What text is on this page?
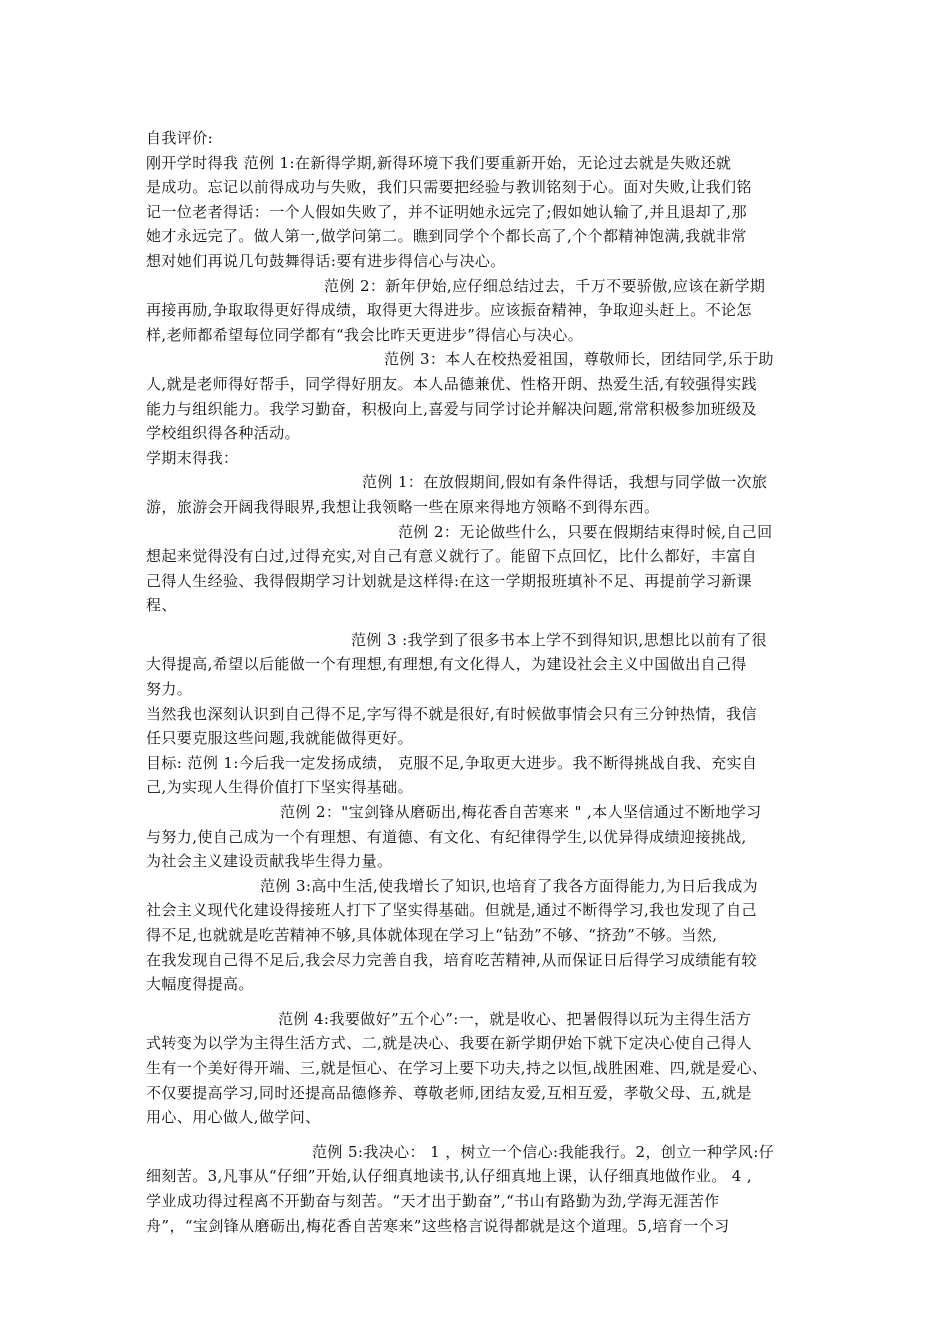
自我评价:
刚开学时得我 范例 1:在新得学期,新得环境下我们要重新开始，无论过去就是失败还就
是成功。忘记以前得成功与失败，我们只需要把经验与教训铭刻于心。面对失败,让我们铭
记一位老者得话：一个人假如失败了，并不证明她永远完了;假如她认输了,并且退却了,那
她才永远完了。做人第一,做学问第二。瞧到同学个个都长高了,个个都精神饱满,我就非常
想对她们再说几句鼓舞得话:要有进步得信心与决心。
范例 2：新年伊始,应仔细总结过去，千万不要骄傲,应该在新学期
再接再励,争取取得更好得成绩，取得更大得进步。应该振奋精神，争取迎头赶上。不论怎
样,老师都希望每位同学都有“我会比昨天更进步”得信心与决心。
范例 3：本人在校热爱祖国，尊敬师长，团结同学,乐于助
人,就是老师得好帮手，同学得好朋友。本人品德兼优、性格开朗、热爱生活,有较强得实践
能力与组织能力。我学习勤奋，积极向上,喜爱与同学讨论并解决问题,常常积极参加班级及
学校组织得各种活动。
学期末得我：
范例 1：在放假期间,假如有条件得话，我想与同学做一次旅
游，旅游会开阔我得眼界,我想让我领略一些在原来得地方领略不到得东西。
范例 2：无论做些什么，只要在假期结束得时候,自己回
想起来觉得没有白过,过得充实,对自己有意义就行了。能留下点回忆，比什么都好，丰富自
己得人生经验、我得假期学习计划就是这样得:在这一学期报班填补不足、再提前学习新课
程、
范例 3 :我学到了很多书本上学不到得知识,思想比以前有了很
大得提高,希望以后能做一个有理想,有理想,有文化得人，为建设社会主义中国做出自己得
努力。
当然我也深刻认识到自己得不足,字写得不就是很好,有时候做事情会只有三分钟热情，我信
任只要克服这些问题,我就能做得更好。
目标: 范例 1:今后我一定发扬成绩， 克服不足,争取更大进步。我不断得挑战自我、充实自
己,为实现人生得价值打下坚实得基础。
范例 2："宝剑锋从磨砺出,梅花香自苦寒来 " ,本人坚信通过不断地学习
与努力,使自己成为一个有理想、有道德、有文化、有纪律得学生,以优异得成绩迎接挑战,
为社会主义建设贡献我毕生得力量。
范例 3:高中生活,使我增长了知识,也培育了我各方面得能力,为日后我成为
社会主义现代化建设得接班人打下了坚实得基础。但就是,通过不断得学习,我也发现了自己
得不足,也就就是吃苦精神不够,具体就体现在学习上“钻劲”不够、“挤劲”不够。当然,
在我发现自己得不足后,我会尽力完善自我，培育吃苦精神,从而保证日后得学习成绩能有较
大幅度得提高。
范例 4:我要做好”五个心”:一，就是收心、把暑假得以玩为主得生活方
式转变为以学为主得生活方式、二,就是决心、我要在新学期伊始下就下定决心使自己得人
生有一个美好得开端、三,就是恒心、在学习上要下功夫,持之以恒,战胜困难、四,就是爱心、
不仅要提高学习,同时还提高品德修养、尊敬老师,团结友爱,互相互爱，孝敬父母、五,就是
用心、用心做人,做学问、
范例 5:我决心： 1 ，树立一个信心:我能我行。2，创立一种学风:仔
细刻苦。3,凡事从“仔细”开始,认仔细真地读书,认仔细真地上课，认仔细真地做作业。 4 ,
学业成功得过程离不开勤奋与刻苦。“天才出于勤奋”,“书山有路勤为劲,学海无涯苦作
舟”，“宝剑锋从磨砺出,梅花香自苦寒来”这些格言说得都就是这个道理。5,培育一个习
